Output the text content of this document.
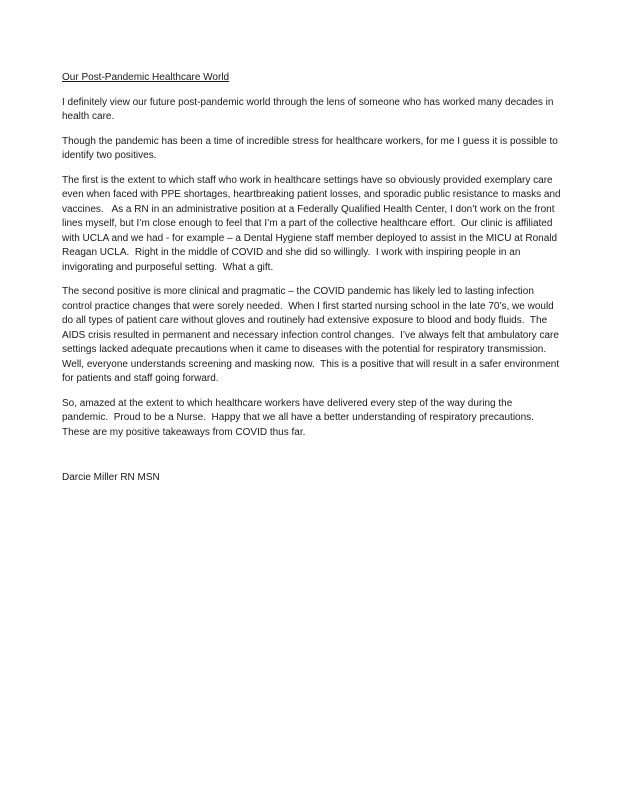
Our Post-Pandemic Healthcare World

I definitely view our future post-pandemic world through the lens of someone who has worked many decades in health care.

Though the pandemic has been a time of incredible stress for healthcare workers, for me I guess it is possible to identify two positives.

The first is the extent to which staff who work in healthcare settings have so obviously provided exemplary care even when faced with PPE shortages, heartbreaking patient losses, and sporadic public resistance to masks and vaccines.   As a RN in an administrative position at a Federally Qualified Health Center, I don’t work on the front lines myself, but I’m close enough to feel that I’m a part of the collective healthcare effort.  Our clinic is affiliated with UCLA and we had - for example – a Dental Hygiene staff member deployed to assist in the MICU at Ronald Reagan UCLA.  Right in the middle of COVID and she did so willingly.  I work with inspiring people in an invigorating and purposeful setting.  What a gift.

The second positive is more clinical and pragmatic – the COVID pandemic has likely led to lasting infection control practice changes that were sorely needed.  When I first started nursing school in the late 70’s, we would do all types of patient care without gloves and routinely had extensive exposure to blood and body fluids.  The AIDS crisis resulted in permanent and necessary infection control changes.  I’ve always felt that ambulatory care settings lacked adequate precautions when it came to diseases with the potential for respiratory transmission.  Well, everyone understands screening and masking now.  This is a positive that will result in a safer environment for patients and staff going forward.

So, amazed at the extent to which healthcare workers have delivered every step of the way during the pandemic.  Proud to be a Nurse.  Happy that we all have a better understanding of respiratory precautions.  These are my positive takeaways from COVID thus far.

Darcie Miller RN MSN
